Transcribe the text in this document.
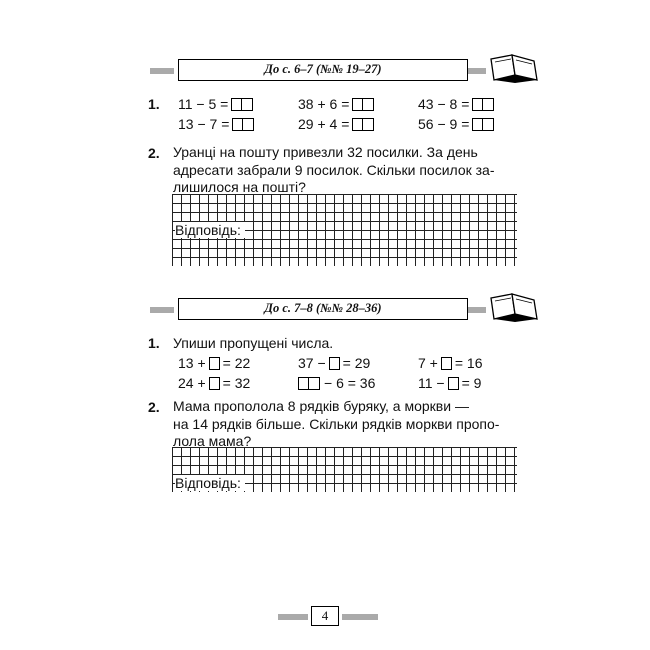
До с. 6–7 (№№ 19–27)
1. 11 − 5 =	38 + 6 =	43 − 8 =
13 − 7 =	29 + 4 =	56 − 9 =
2. Уранці на пошту привезли 32 посилки. За день
адресати забрали 9 посилок. Скільки посилок за-
лишилося на пошті?
Відповідь:
До с. 7–8 (№№ 28–36)
1. Упиши пропущені числа.
13 + = 22	37 − = 29	7 + = 16
24 + = 32	− 6 = 36	11 − = 9
2. Мама прополола 8 рядків буряку, а моркви —
на 14 рядків більше. Скільки рядків моркви пропо-
лола мама?
Відповідь:
4
